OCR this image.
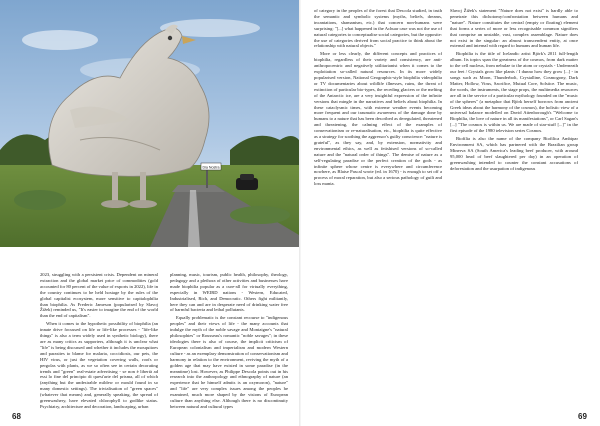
Dia Nostra

2023, struggling with a persistent crisis. Dependent on mineral extraction and the global market price of commodities (gold accounted for 80 percent of the value of exports in 2022), life in the country continues to be held hostage by the rules of the global capitalist ecosystem, more sensitive to capitalophilia than biophilia. As Frederic Jameson (popularised by Slavoj Žižek) reminded us, "It's easier to imagine the end of the world than the end of capitalism".

When it comes to the hypothetic possibility of biophilia (an innate drive focussed on life or life-like processes - "life-like things" is also a term widely used in synthetic biology), there are as many critics as supporters, although it is unclear what "life" is being discussed and whether it includes the mosquitoes and parasites to blame for malaria, coccidiosis, our pets, the HIV virus, or just the vegetation covering walls, roofs or pergolas with plants, as we so often see in certain decorating trends and "green" real-estate advertising - se non è libertà ad essi lo fine del principio di quest'arte del prisma, all of which (anything but the undesirable mildew or mould found in so many domestic settings). The trivialisation of "green spaces" (whatever that means) and, generally speaking, the spread of greenwashery, have elevated chlorophyll to godlike status. Psychiatry, architecture and decoration, landscaping, urban

planning, music, tourism, public health, philosophy, theology, pedagogy and a plethora of other activities and businesses have made biophilia popular as a cure-all for virtually everything, especially in WEIRD nations - Western, Educated, Industrialised, Rich, and Democratic. Others fight militantly, here they can and are in desperate need of drinking water free of harmful bacteria and lethal pollutants.

Equally problematic is the constant recourse to "indigenous peoples" and their views of life - the many accounts that indulge the myth of the noble savage and Montaigne's "natural philosophies" or Rousseau's romantic "noble savages"; in these ideologies there is also of course, the implicit criticism of European colonialism and imperialism and modern Western culture - as an exemplary demonstration of conservationism and harmony in relation to the environment, reviving the myth of a golden age that may have existed in some paradise (in the meantime) lost. However, as Philippe Descola points out in his research into the anthropology and ethnography of nature (an experience that he himself admits is an oxymoron), "nature" and "life" are very complex issues among the peoples he examined, much more shaped by the visions of European culture than anything else. Although there is no discontinuity between natural and cultural types

of category in the peoples of the forest that Descola studied, in truth the semantic and symbolic systems (myths, beliefs, dreams, incantations, shamanism, etc.) that concern non-humans were surprising: "[...] what happened in the Achuar case was not the use of natural categories to conceptualise social categories, but the opposite: the use of categories derived from social practice to think about the relationship with natural objects."

More or less clearly, the different concepts and practices of biophilia, regardless of their variety and consistency, are anti-anthropocentric and negatively utilitarianist when it comes to the exploitation so-called natural resources. In its more widely popularised version, National Geographic-style biophilia videophilia or TV documentaries about wildlife illnesses, ruins, the threat of extinction of particular bio-types, the receding glaciers or the melting of the Antarctic ice, are a very insightful expression of the infinite versions that mingle in the narratives and beliefs about biophilia. In these cataclysmic times, with extreme weather events becoming more frequent and our traumatic awareness of the damage done by humans to a nature that has been described as deregulated, threatened and threatening, the calming effect of the examples of conservationism or re-naturalisation, etc., biophilia is quite effective as a strategy for soothing the aggressor's guilty conscience: "nature is grateful", as they say, and, by extension, normativity and environmental ethics, as well as fetishised versions of so-called nature and the "natural order of things". The demise of nature as a self-regulating paradise or the perfect creation of the gods - as infinite sphere whose centre is everywhere and circumference nowhere, as Blaise Pascal wrote (ed. in 1670) - is enough to set off a process of moral reparation, but also a serious pathology of guilt and loss mania.

Slavoj Žižek's statement "Nature does not exist" is hardly able to penetrate this dichotomy/confrontation between humans and "nature". Nature constitutes the central (empty or floating) element that forms a series of more or less recognisable common signifiers that comprise an unstable, vast, complex assemblage. Nature does not exist in the singular: an almost transcendent entity, at once external and internal with regard to humans and human life.

Biophilia is the title of Icelandic artist Björk's 2011 full-length album. Its topics span the greatness of the cosmos, from dark matter to the cell nucleus, from nebulae to the atom or crystals - Underneath our feet / Crystals grow like plants / I dunno how they grow [...] - in songs such as Moon, Thunderbolt, Crystalline, Cosmogony, Dark Matter, Hollow, Virus, Sacrifice, Mutual Core, Solstice. The music, the words, the instruments, the stage props, the multimedia resources are all in the service of a particular mythology founded on the "music of the spheres" (a metaphor that Björk herself borrows from ancient Greek ideas about the harmony of the cosmos), the holistic view of a universal balance modelled on David Attenborough's "Welcome to Biophilia, the love of nature in all its manifestations", or Carl Sagan's [...] "The cosmos is within us. We are made of star-stuff [...]" in the first episode of the 1980 television series Cosmos.

Biofilia is also the name of the company Biofilica Ambipar Environment SA, which has partnered with the Brazilian group Minerva SA (South America's leading beef producer, with around 95,000 head of beef slaughtered per day) in an operation of greenwashing intended to counter the constant accusations of deforestation and the usurpation of indigenous

68	69
